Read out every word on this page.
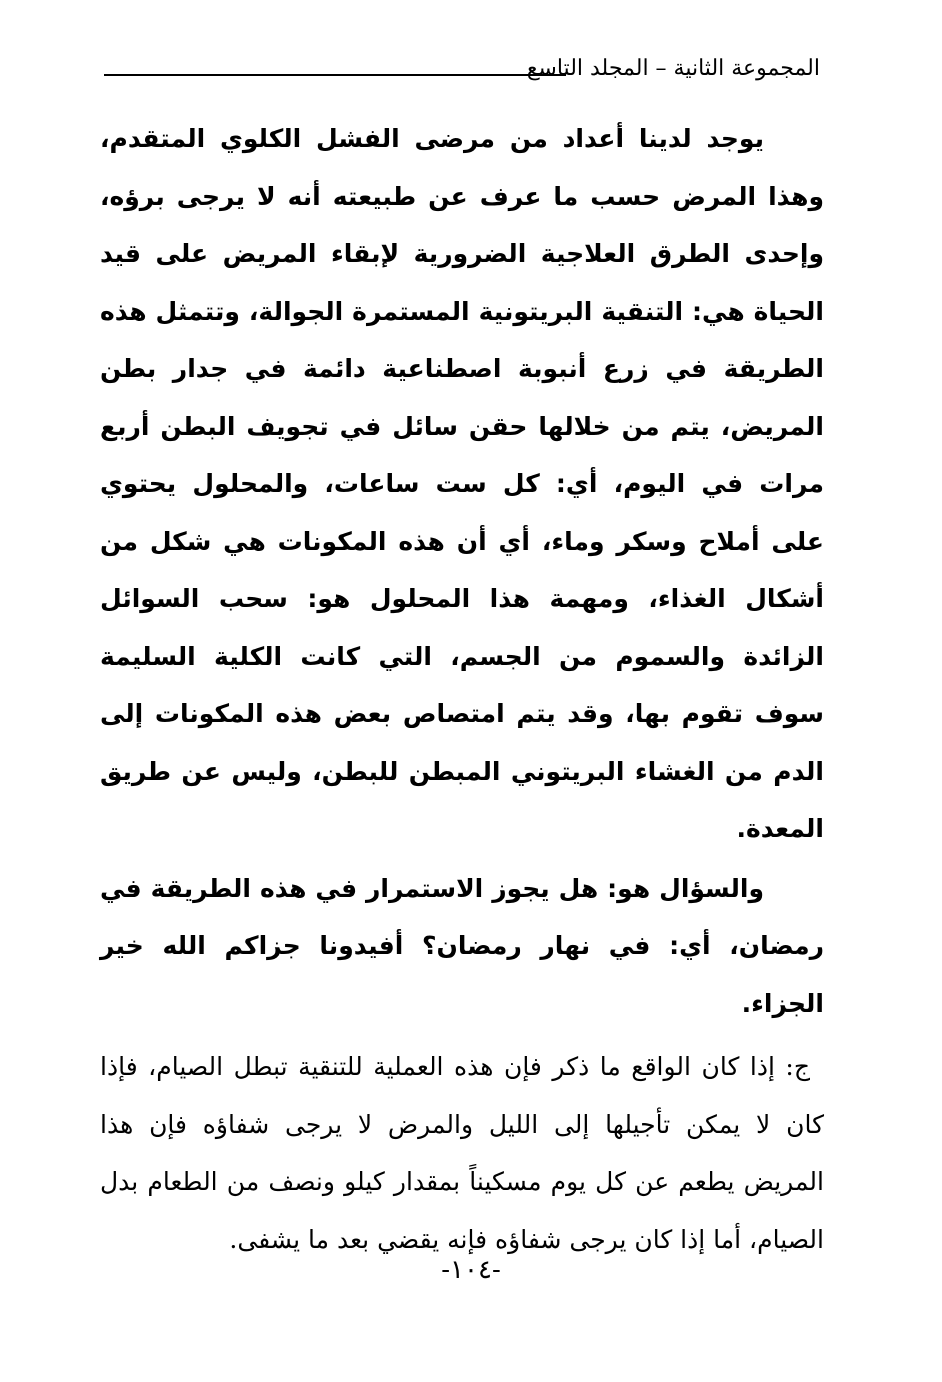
المجموعة الثانية – المجلد التاسع

يوجد لدينا أعداد من مرضى الفشل الكلوي المتقدم، وهذا المرض حسب ما عرف عن طبيعته أنه لا يرجى برؤه، وإحدى الطرق العلاجية الضرورية لإبقاء المريض على قيد الحياة هي: التنقية البريتونية المستمرة الجوالة، وتتمثل هذه الطريقة في زرع أنبوبة اصطناعية دائمة في جدار بطن المريض، يتم من خلالها حقن سائل في تجويف البطن أربع مرات في اليوم، أي: كل ست ساعات، والمحلول يحتوي على أملاح وسكر وماء، أي أن هذه المكونات هي شكل من أشكال الغذاء، ومهمة هذا المحلول هو: سحب السوائل الزائدة والسموم من الجسم، التي كانت الكلية السليمة سوف تقوم بها، وقد يتم امتصاص بعض هذه المكونات إلى الدم من الغشاء البريتوني المبطن للبطن، وليس عن طريق المعدة.

والسؤال هو: هل يجوز الاستمرار في هذه الطريقة في رمضان، أي: في نهار رمضان؟ أفيدونا جزاكم الله خير الجزاء.

ج: إذا كان الواقع ما ذكر فإن هذه العملية للتنقية تبطل الصيام، فإذا كان لا يمكن تأجيلها إلى الليل والمرض لا يرجى شفاؤه فإن هذا المريض يطعم عن كل يوم مسكيناً بمقدار كيلو ونصف من الطعام بدل الصيام، أما إذا كان يرجى شفاؤه فإنه يقضي بعد ما يشفى.

-١٠٤-
